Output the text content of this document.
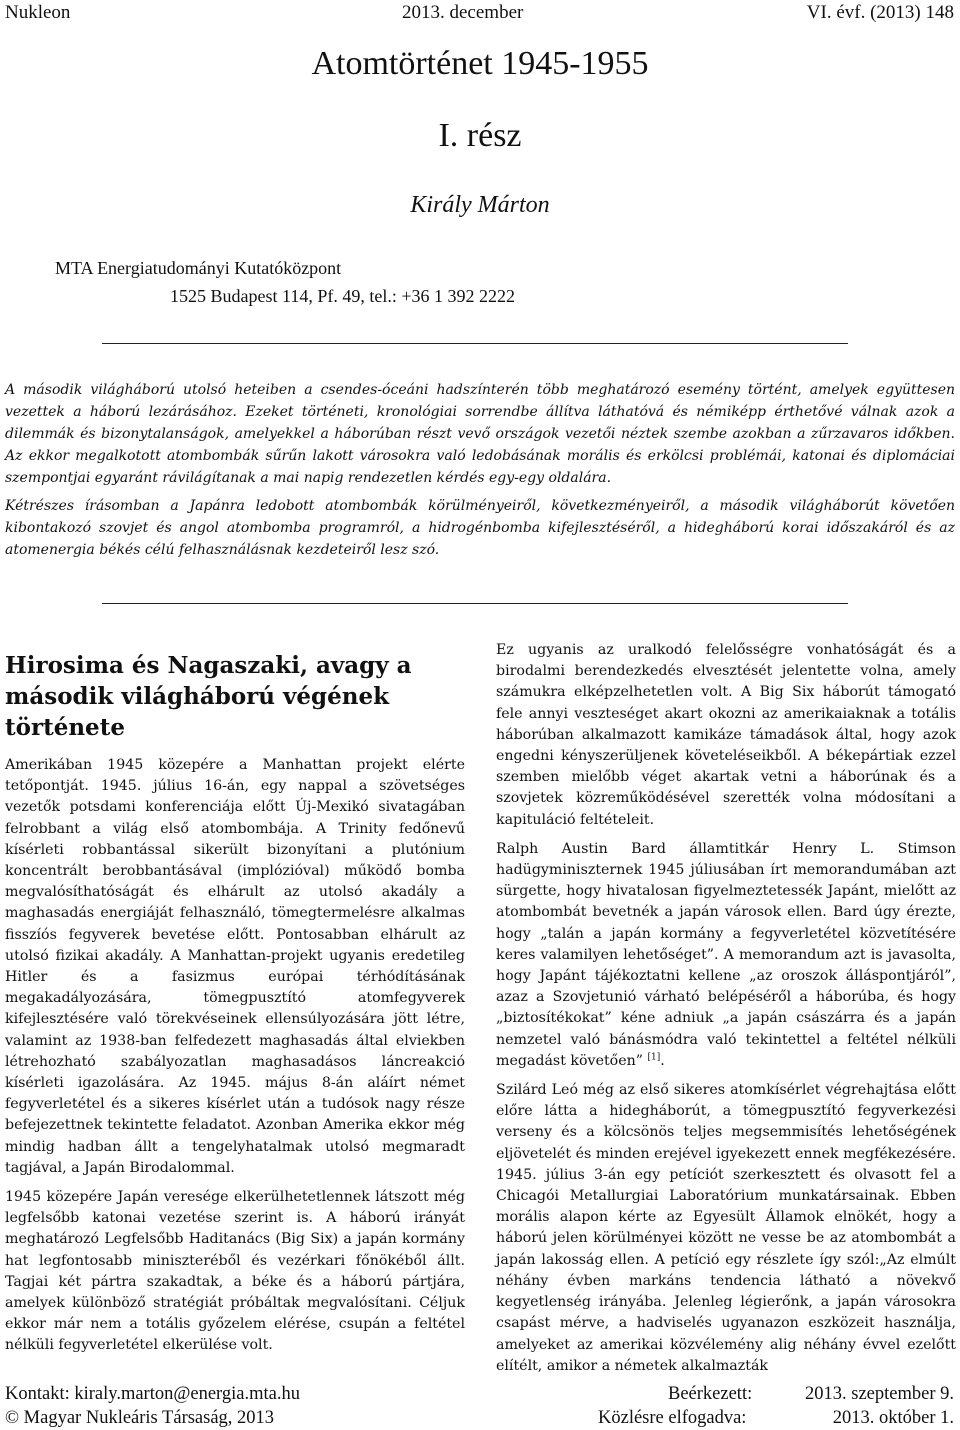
Nukleon	2013. december	VI. évf. (2013) 148
Atomtörténet 1945-1955
I. rész
Király Márton
MTA Energiatudományi Kutatóközpont
1525 Budapest 114, Pf. 49, tel.: +36 1 392 2222

A második világháború utolsó heteiben a csendes-óceáni hadszínterén több meghatározó esemény történt, amelyek együttesen vezettek a háború lezárásához. Ezeket történeti, kronológiai sorrendbe állítva láthatóvá és némiképp érthetővé válnak azok a dilemmák és bizonytalanságok, amelyekkel a háborúban részt vevő országok vezetői néztek szembe azokban a zűrzavaros időkben. Az ekkor megalkotott atombombák sűrűn lakott városokra való ledobásának morális és erkölcsi problémái, katonai és diplomáciai szempontjai egyaránt rávilágítanak a mai napig rendezetlen kérdés egy-egy oldalára.

Kétrészes írásomban a Japánra ledobott atombombák körülményeiről, következményeiről, a második világháborút követően kibontakozó szovjet és angol atombomba programról, a hidrogénbomba kifejlesztéséről, a hidegháború korai időszakáról és az atomenergia békés célú felhasználásnak kezdeteiről lesz szó.

Hirosima és Nagaszaki, avagy a második világháború végének története

Amerikában 1945 közepére a Manhattan projekt elérte tetőpontját. 1945. július 16-án, egy nappal a szövetséges vezetők potsdami konferenciája előtt Új-Mexikó sivatagában felrobbant a világ első atombombája. A Trinity fedőnevű kísérleti robbantással sikerült bizonyítani a plutónium koncentrált berobbantásával (implózióval) működő bomba megvalósíthatóságát és elhárult az utolsó akadály a maghasadás energiáját felhasználó, tömegtermelésre alkalmas fisszíós fegyverek bevetése előtt. Pontosabban elhárult az utolsó fizikai akadály. A Manhattan-projekt ugyanis eredetileg Hitler és a fasizmus európai térhódításának megakadályozására, tömegpusztító atomfegyverek kifejlesztésére való törekvéseinek ellensúlyozására jött létre, valamint az 1938-ban felfedezett maghasadás által elviekben létrehozható szabályozatlan maghasadásos láncreakció kísérleti igazolására. Az 1945. május 8-án aláírt német fegyverletétel és a sikeres kísérlet után a tudósok nagy része befejezettnek tekintette feladatot. Azonban Amerika ekkor még mindig hadban állt a tengelyhatalmak utolsó megmaradt tagjával, a Japán Birodalommal.

1945 közepére Japán veresége elkerülhetetlennek látszott még legfelsőbb katonai vezetése szerint is. A háború irányát meghatározó Legfelsőbb Haditanács (Big Six) a japán kormány hat legfontosabb miniszteréből és vezérkari főnökéből állt. Tagjai két pártra szakadtak, a béke és a háború pártjára, amelyek különböző stratégiát próbáltak megvalósítani. Céljuk ekkor már nem a totális győzelem elérése, csupán a feltétel nélküli fegyverletétel elkerülése volt.

Ez ugyanis az uralkodó felelősségre vonhatóságát és a birodalmi berendezkedés elvesztését jelentette volna, amely számukra elképzelhetetlen volt. A Big Six háborút támogató fele annyi veszteséget akart okozni az amerikaiaknak a totális háborúban alkalmazott kamikáze támadások által, hogy azok engedni kényszerüljenek követeléseikből. A békepártiak ezzel szemben mielőbb véget akartak vetni a háborúnak és a szovjetek közreműködésével szerették volna módosítani a kapituláció feltételeit.

Ralph Austin Bard államtitkár Henry L. Stimson hadügyminiszternek 1945 júliusában írt memorandumában azt sürgette, hogy hivatalosan figyelmeztetessék Japánt, mielőtt az atombombát bevetnék a japán városok ellen. Bard úgy érezte, hogy „talán a japán kormány a fegyverletétel közvetítésére keres valamilyen lehetőséget”. A memorandum azt is javasolta, hogy Japánt tájékoztatni kellene „az oroszok álláspontjáról”, azaz a Szovjetunió várható belépéséről a háborúba, és hogy „biztosítékokat” kéne adniuk „a japán császárra és a japán nemzetel való bánásmódra való tekintettel a feltétel nélküli megadást követően” [1].

Szilárd Leó még az első sikeres atomkísérlet végrehajtása előtt előre látta a hidegháborút, a tömegpusztító fegyverkezési verseny és a kölcsönös teljes megsemmisítés lehetőségének eljövetelét és minden erejével igyekezett ennek megfékezésére. 1945. július 3-án egy petíciót szerkesztett és olvasott fel a Chicagói Metallurgiai Laboratórium munkatársainak. Ebben morális alapon kérte az Egyesült Államok elnökét, hogy a háború jelen körülményei között ne vesse be az atombombát a japán lakosság ellen. A petíció egy részlete így szól:„Az elmúlt néhány évben markáns tendencia látható a növekvő kegyetlenség irányába. Jelenleg légierőnk, a japán városokra csapást mérve, a hadviselés ugyanazon eszközeit használja, amelyeket az amerikai közvélemény alig néhány évvel ezelőtt elítélt, amikor a németek alkalmazták

Kontakt: kiraly.marton@energia.mta.hu	Beérkezett:	2013. szeptember 9.
© Magyar Nukleáris Társaság, 2013	Közlésre elfogadva:	2013. október 1.
